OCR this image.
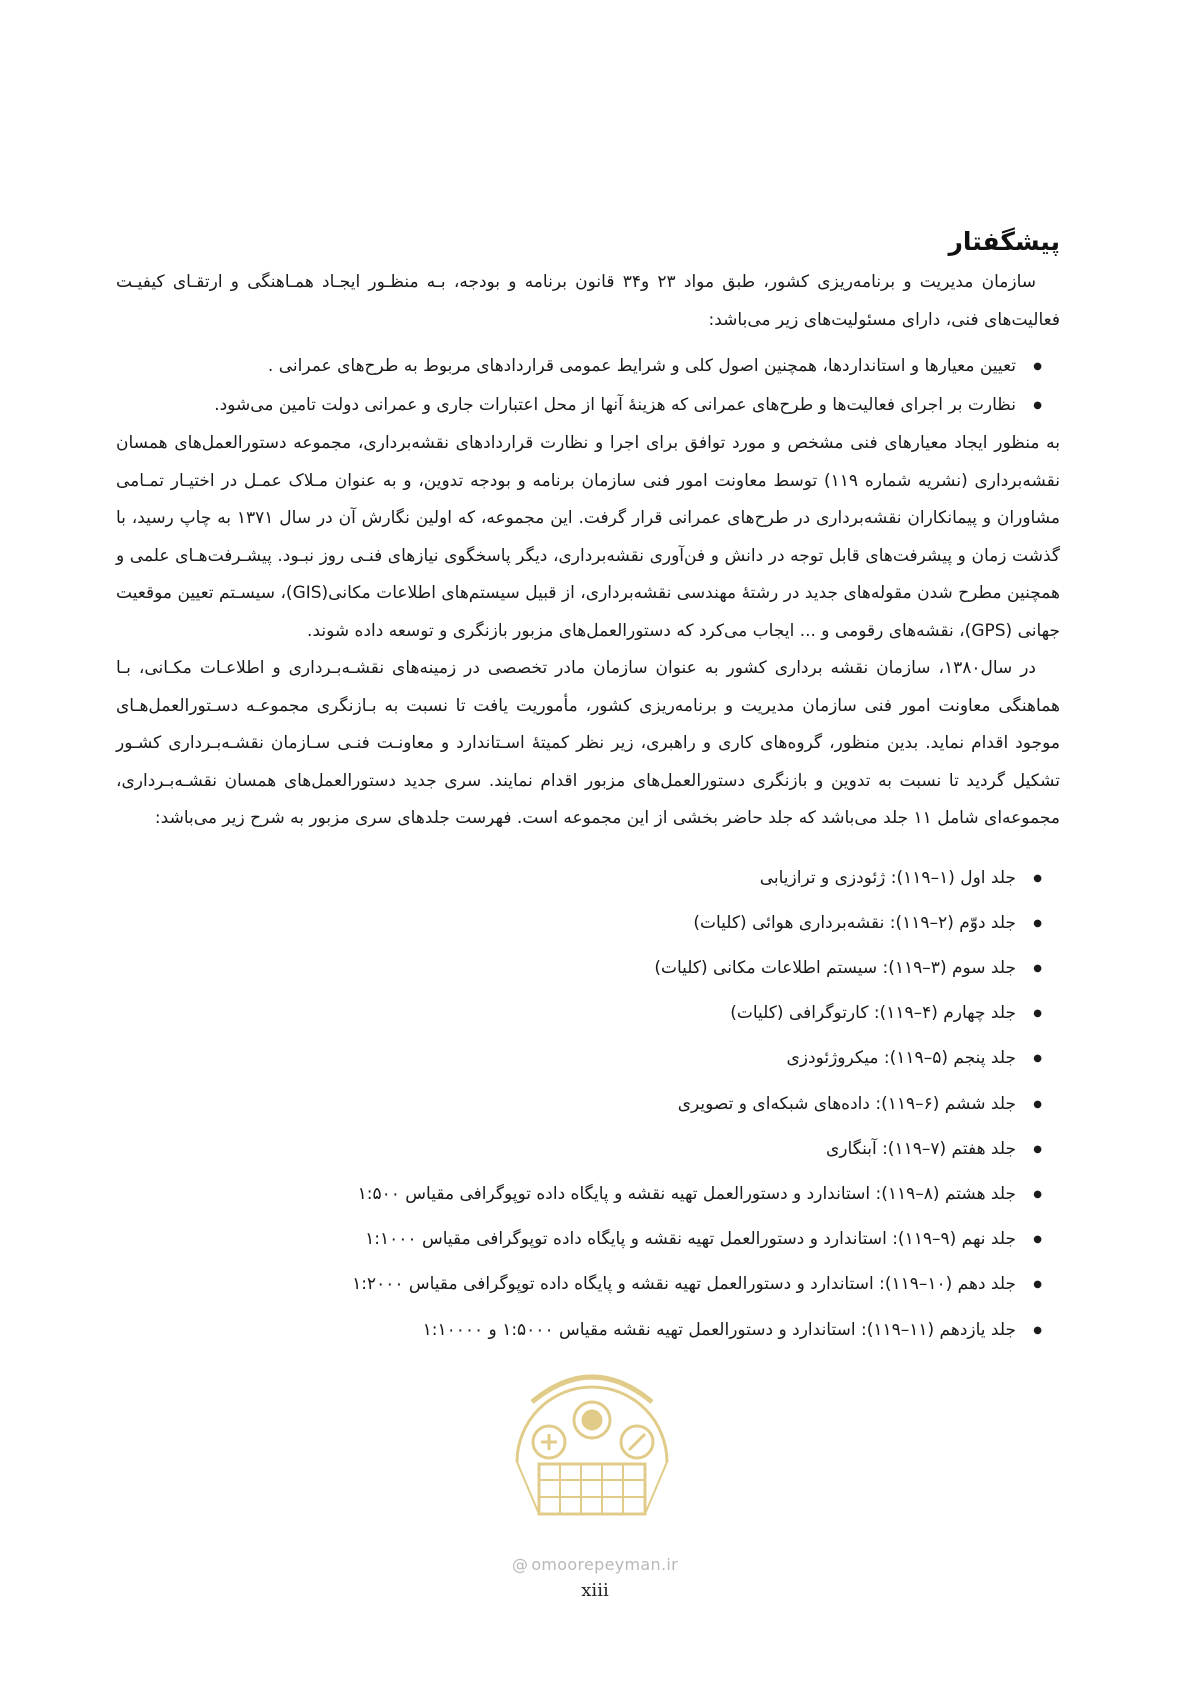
پیشگفتار

سازمان مدیریت و برنامه‌ریزی کشور، طبق مواد ۲۳ و۳۴ قانون برنامه و بودجه، بـه منظـور ایجـاد همـاهنگی و ارتقـای کیفیـت فعالیت‌های فنی، دارای مسئولیت‌های زیر می‌باشد:

● تعیین معیارها و استانداردها، همچنین اصول کلی و شرایط عمومی قراردادهای مربوط به طرح‌های عمرانی .
● نظارت بر اجرای فعالیت‌ها و طرح‌های عمرانی که هزینهٔ آنها از محل اعتبارات جاری و عمرانی دولت تامین می‌شود.

به منظور ایجاد معیارهای فنی مشخص و مورد توافق برای اجرا و نظارت قراردادهای نقشه‌برداری، مجموعه دستورالعمل‌های همسان نقشه‌برداری (نشریه شماره ۱۱۹) توسط معاونت امور فنی سازمان برنامه و بودجه تدوین، و به عنوان مـلاک عمـل در اختیـار تمـامی مشاوران و پیمانکاران نقشه‌برداری در طرح‌های عمرانی قرار گرفت. این مجموعه، که اولین نگارش آن در سال ۱۳۷۱ به چاپ رسید، با گذشت زمان و پیشرفت‌های قابل توجه در دانش و فن‌آوری نقشه‌برداری، دیگر پاسخگوی نیازهای فنـی روز نبـود. پیشـرفت‌هـای علمی و همچنین مطرح شدن مقوله‌های جدید در رشتهٔ مهندسی نقشه‌برداری، از قبیل سیستم‌های اطلاعات مکانی(GIS)، سیسـتم تعیین موقعیت جهانی (GPS)، نقشه‌های رقومی و ... ایجاب می‌کرد که دستورالعمل‌های مزبور بازنگری و توسعه داده شوند.

در سال۱۳۸۰، سازمان نقشه برداری کشور به عنوان سازمان مادر تخصصی در زمینه‌های نقشـه‌بـرداری و اطلاعـات مکـانی، بـا هماهنگی معاونت امور فنی سازمان مدیریت و برنامه‌ریزی کشور، مأموریت یافت تا نسبت به بـازنگری مجموعـه دسـتورالعمل‌هـای موجود اقدام نماید. بدین منظور، گروه‌های کاری و راهبری، زیر نظر کمیتهٔ اسـتاندارد و معاونـت فنـی سـازمان نقشـه‌بـرداری کشـور تشکیل گردید تا نسبت به تدوین و بازنگری دستورالعمل‌های مزبور اقدام نمایند. سری جدید دستورالعمل‌های همسان نقشـه‌بـرداری، مجموعه‌ای شامل ۱۱ جلد می‌باشد که جلد حاضر بخشی از این مجموعه است. فهرست جلدهای سری مزبور به شرح زیر می‌باشد:

● جلد اول (۱–۱۱۹): ژئودزی و ترازیابی
● جلد دوّم (۲–۱۱۹): نقشه‌برداری هوائی (کلیات)
● جلد سوم (۳–۱۱۹): سیستم اطلاعات مکانی (کلیات)
● جلد چهارم (۴–۱۱۹): کارتوگرافی (کلیات)
● جلد پنجم (۵–۱۱۹): میکروژئودزی
● جلد ششم (۶–۱۱۹): داده‌های شبکه‌ای و تصویری
● جلد هفتم (۷–۱۱۹): آبنگاری
● جلد هشتم (۸–۱۱۹): استاندارد و دستورالعمل تهیه نقشه و پایگاه داده توپوگرافی مقیاس ۱:۵۰۰
● جلد نهم (۹–۱۱۹): استاندارد و دستورالعمل تهیه نقشه و پایگاه داده توپوگرافی مقیاس ۱:۱۰۰۰
● جلد دهم (۱۰–۱۱۹): استاندارد و دستورالعمل تهیه نقشه و پایگاه داده توپوگرافی مقیاس ۱:۲۰۰۰
● جلد یازدهم (۱۱–۱۱۹): استاندارد و دستورالعمل تهیه نقشه مقیاس ۱:۵۰۰۰ و ۱:۱۰۰۰۰
@ omoorepeyman.ir
xiii
